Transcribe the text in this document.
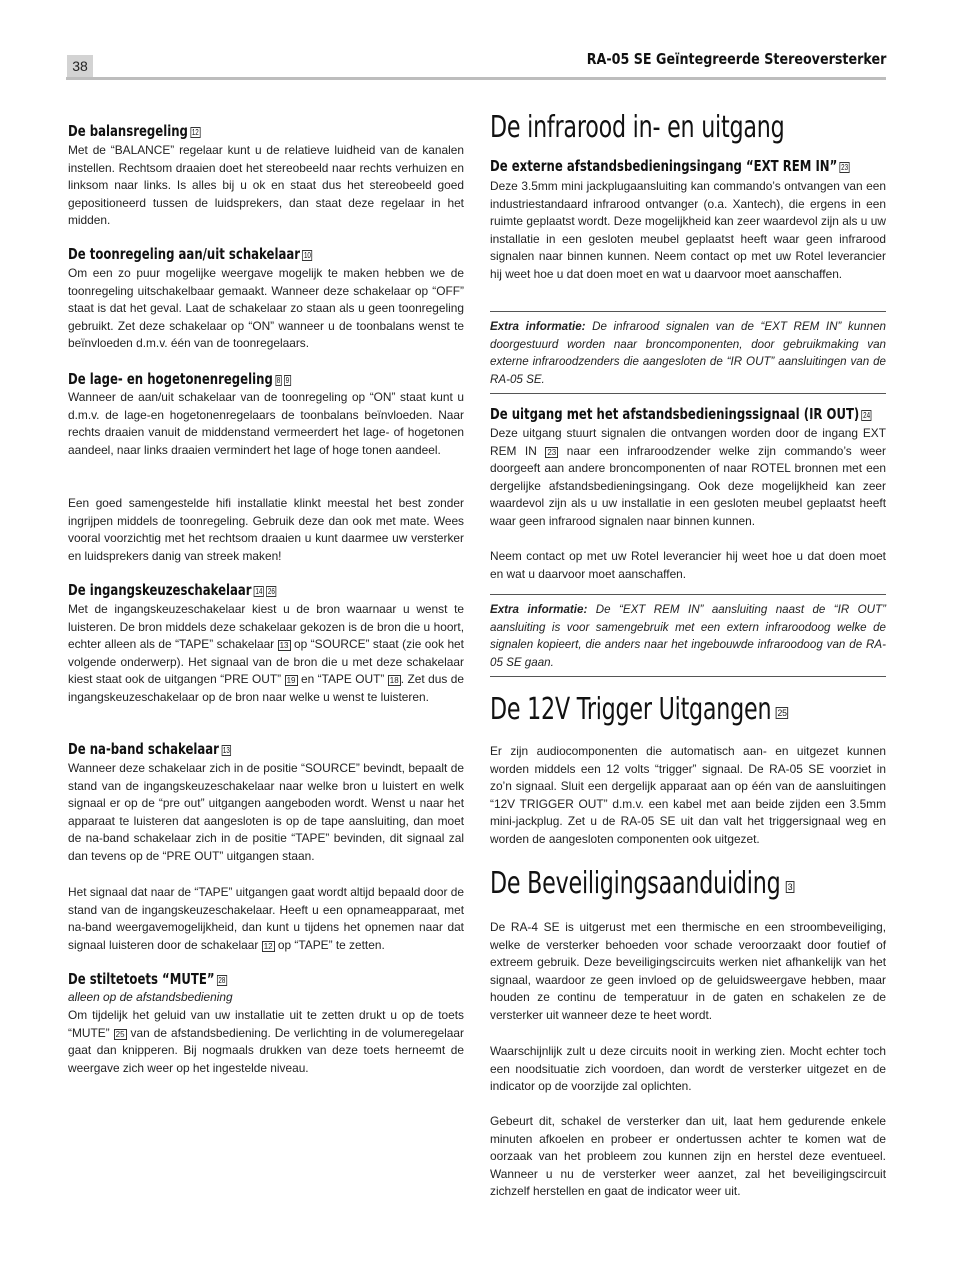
38	RA-05 SE Geïntegreerde Stereoversterker
De balansregeling 12

Met de “BALANCE” regelaar kunt u de relatieve luidheid van de kanalen instellen. Rechtsom draaien doet het stereobeeld naar rechts verhuizen en linksom naar links. Is alles bij u ok en staat dus het stereobeeld goed gepositioneerd tussen de luidsprekers, dan staat deze regelaar in het midden.

De toonregeling aan/uit schakelaar 10

Om een zo puur mogelijke weergave mogelijk te maken hebben we de toonregeling uitschakelbaar gemaakt. Wanneer deze schakelaar op “OFF” staat is dat het geval. Laat de schakelaar zo staan als u geen toonregeling gebruikt. Zet deze schakelaar op “ON” wanneer u de toonbalans wenst te beïnvloeden d.m.v. één van de toonregelaars.

De lage- en hogetonenregeling 8 9

Wanneer de aan/uit schakelaar van de toonregeling op “ON” staat kunt u d.m.v. de lage-en hogetonenregelaars de toonbalans beïnvloeden. Naar rechts draaien vanuit de middenstand vermeerdert het lage- of hogetonen aandeel, naar links draaien vermindert het lage of hoge tonen aandeel.

Een goed samengestelde hifi installatie klinkt meestal het best zonder ingrijpen middels de toonregeling. Gebruik deze dan ook met mate. Wees vooral voorzichtig met het rechtsom draaien u kunt daarmee uw versterker en luidsprekers danig van streek maken!

De ingangskeuzeschakelaar 14 26

Met de ingangskeuzeschakelaar kiest u de bron waarnaar u wenst te luisteren. De bron middels deze schakelaar gekozen is de bron die u hoort, echter alleen als de “TAPE” schakelaar 13 op “SOURCE” staat (zie ook het volgende onderwerp). Het signaal van de bron die u met deze schakelaar kiest staat ook de uitgangen “PRE OUT” 19 en “TAPE OUT” 18 . Zet dus de ingangskeuzeschakelaar op de bron naar welke u wenst te luisteren.

De na-band schakelaar 13

Wanneer deze schakelaar zich in de positie “SOURCE” bevindt, bepaalt de stand van de ingangskeuzeschakelaar naar welke bron u luistert en welk signaal er op de “pre out” uitgangen aangeboden wordt. Wenst u naar het apparaat te luisteren dat aangesloten is op de tape aansluiting, dan moet de na-band schakelaar zich in de positie “TAPE” bevinden, dit signaal zal dan tevens op de “PRE OUT” uitgangen staan.

Het signaal dat naar de “TAPE” uitgangen gaat wordt altijd bepaald door de stand van de ingangskeuzeschakelaar. Heeft u een opnameapparaat, met na-band weergavemogelijkheid, dan kunt u tijdens het opnemen naar dat signaal luisteren door de schakelaar 12 op “TAPE” te zetten.

De stiltetoets “MUTE” 28

alleen op de afstandsbediening

Om tijdelijk het geluid van uw installatie uit te zetten drukt u op de toets “MUTE” 25 van de afstandsbediening. De verlichting in de volumeregelaar gaat dan knipperen. Bij nogmaals drukken van deze toets herneemt de weergave zich weer op het ingestelde niveau.

De infrarood in- en uitgang
De externe afstandsbedieningsingang “EXT REM IN” 23

Deze 3.5mm mini jackplugaansluiting kan commando’s ontvangen van een industriestandaard infrarood ontvanger (o.a. Xantech), die ergens in een ruimte geplaatst wordt. Deze mogelijkheid kan zeer waardevol zijn als u uw installatie in een gesloten meubel geplaatst heeft waar geen infrarood signalen naar binnen kunnen. Neem contact op met uw Rotel leverancier hij weet hoe u dat doen moet en wat u daarvoor moet aanschaffen.

Extra informatie: De infrarood signalen van de “EXT REM IN” kunnen doorgestuurd worden naar broncomponenten, door gebruikmaking van externe infraroodzenders die aangesloten de “IR OUT” aansluitingen van de RA-05 SE.

De uitgang met het afstandsbedieningssignaal (IR OUT) 24

Deze uitgang stuurt signalen die ontvangen worden door de ingang EXT REM IN 23 naar een infraroodzender welke zijn commando’s weer doorgeeft aan andere broncomponenten of naar ROTEL bronnen met een dergelijke afstandsbedieningsingang. Ook deze mogelijkheid kan zeer waardevol zijn als u uw installatie in een gesloten meubel geplaatst heeft waar geen infrarood signalen naar binnen kunnen.

Neem contact op met uw Rotel leverancier hij weet hoe u dat doen moet en wat u daarvoor moet aanschaffen.

Extra informatie: De “EXT REM IN” aansluiting naast de “IR OUT” aansluiting is voor samengebruik met een extern infraroodoog welke de signalen kopieert, die anders naar het ingebouwde infraroodoog van de RA-05 SE gaan.

De 12V Trigger Uitgangen 25

Er zijn audiocomponenten die automatisch aan- en uitgezet kunnen worden middels een 12 volts “trigger” signaal. De RA-05 SE voorziet in zo’n signaal. Sluit een dergelijk apparaat aan op één van de aansluitingen “12V TRIGGER OUT” d.m.v. een kabel met aan beide zijden een 3.5mm mini-jackplug. Zet u de RA-05 SE uit dan valt het triggersignaal weg en worden de aangesloten componenten ook uitgezet.

De Beveiligingsaanduiding 3

De RA-4 SE is uitgerust met een thermische en een stroombeveiliging, welke de versterker behoeden voor schade veroorzaakt door foutief of extreem gebruik. Deze beveiligingscircuits werken niet afhankelijk van het signaal, waardoor ze geen invloed op de geluidsweergave hebben, maar houden ze continu de temperatuur in de gaten en schakelen ze de versterker uit wanneer deze te heet wordt.

Waarschijnlijk zult u deze circuits nooit in werking zien. Mocht echter toch een noodsituatie zich voordoen, dan wordt de versterker uitgezet en de indicator op de voorzijde zal oplichten.

Gebeurt dit, schakel de versterker dan uit, laat hem gedurende enkele minuten afkoelen en probeer er ondertussen achter te komen wat de oorzaak van het probleem zou kunnen zijn en herstel deze eventueel. Wanneer u nu de versterker weer aanzet, zal het beveiligingscircuit zichzelf herstellen en gaat de indicator weer uit.
